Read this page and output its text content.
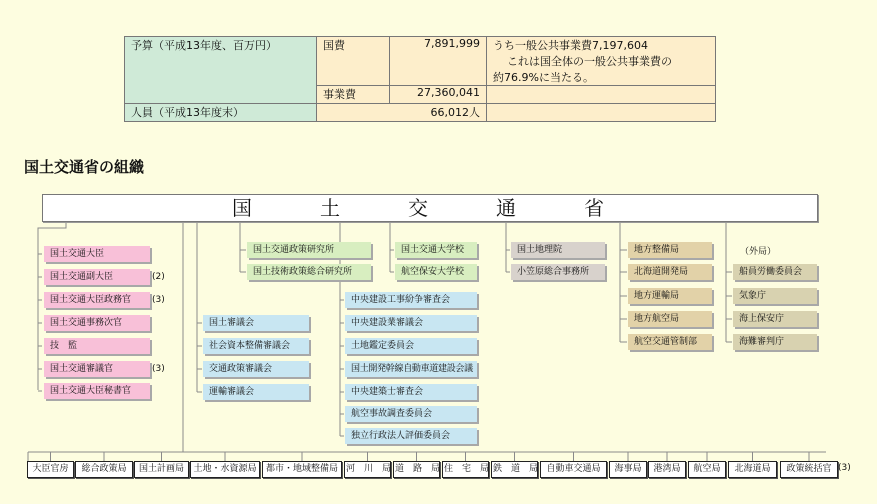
予算（平成13年度、百万円）	国費	7,891,999	うち一般公共事業費7,197,604
これは国全体の一般公共事業費の
約76.9%に当たる。

	事業費	27,360,041	
人員（平成13年度末）	66,012人		
国土交通省の組織
国　土　交　通　省
国土交通大臣
国土交通副大臣	(2)
国土交通大臣政務官	(3)
国土交通事務次官
技　監
国土交通審議官	(3)
国土交通大臣秘書官
国土交通政策研究所
国土技術政策総合研究所
国土交通大学校
航空保安大学校
国土地理院
小笠原総合事務所
地方整備局
北海道開発局
地方運輸局
地方航空局
航空交通管制部
（外局）
船員労働委員会
気象庁
海上保安庁
海難審判庁
国土審議会
社会資本整備審議会
交通政策審議会
運輸審議会
中央建設工事紛争審査会
中央建設業審議会
土地鑑定委員会
国土開発幹線自動車道建設会議
中央建築士審査会
航空事故調査委員会
独立行政法人評価委員会
大臣官房	総合政策局	国土計画局	土地・水資源局	都市・地域整備局 河　川　局 道　路　局 住　宅　局 鉄　道　局 自動車交通局	海事局	港湾局	航空局	北海道局	政策統括官 (3)
